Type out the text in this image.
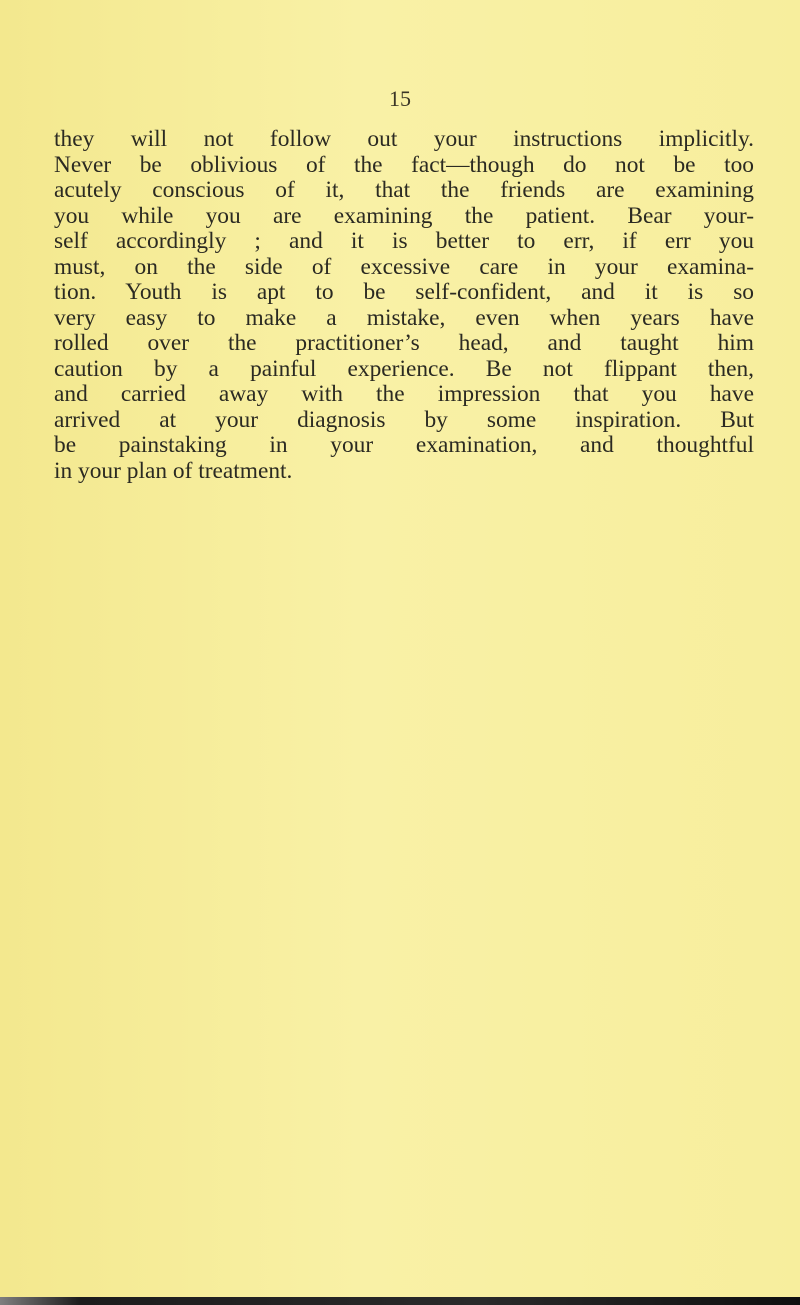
15
they will not follow out your instructions implicitly.
Never be oblivious of the fact—though do not be too
acutely conscious of it, that the friends are examining
you while you are examining the patient. Bear your-
self accordingly ; and it is better to err, if err you
must, on the side of excessive care in your examina-
tion. Youth is apt to be self-confident, and it is so
very easy to make a mistake, even when years have
rolled over the practitioner’s head, and taught him
caution by a painful experience. Be not flippant then,
and carried away with the impression that you have
arrived at your diagnosis by some inspiration. But
be painstaking in your examination, and thoughtful
in your plan of treatment.
